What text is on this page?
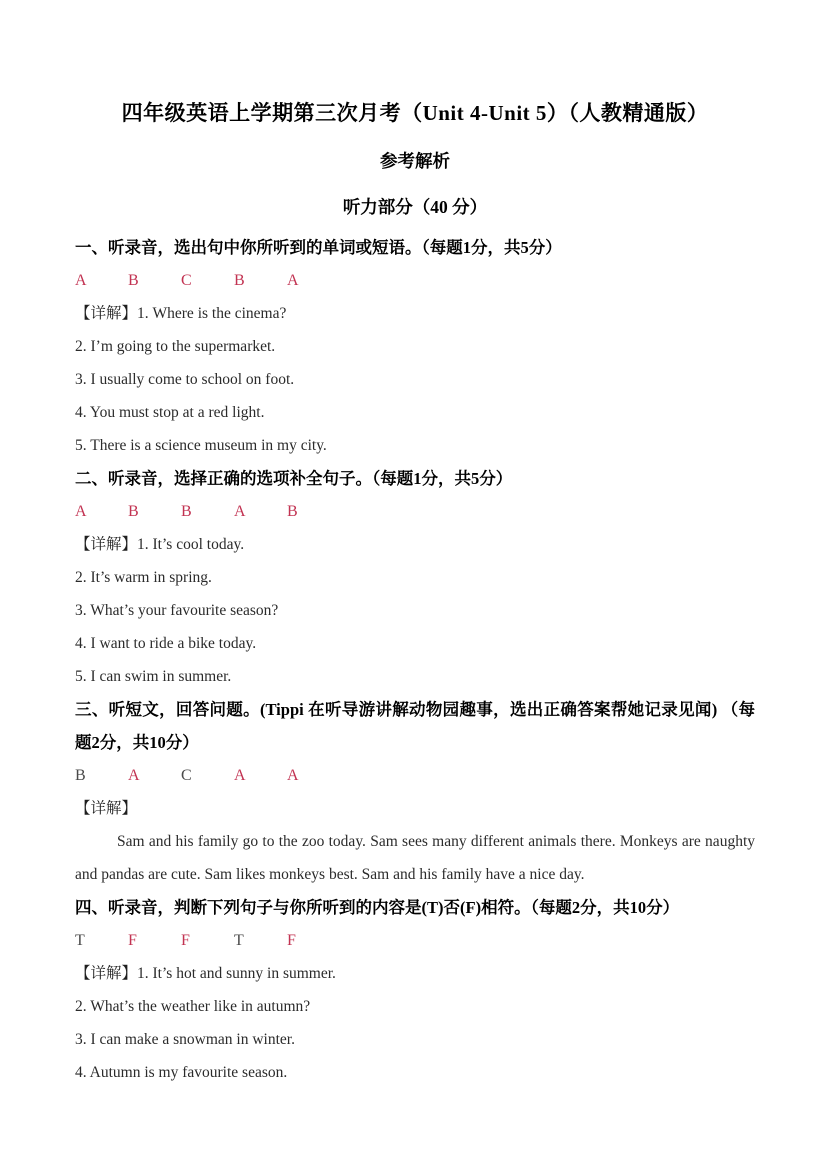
四年级英语上学期第三次月考（Unit 4-Unit 5）（人教精通版）
参考解析
听力部分（40 分）
一、听录音，选出句中你所听到的单词或短语。（每题1分，共5分）
A	B	C	B	A

【详解】1. Where is the cinema?

2. I’m going to the supermarket.

3. I usually come to school on foot.

4. You must stop at a red light.

5. There is a science museum in my city.

二、听录音，选择正确的选项补全句子。（每题1分，共5分）
A	B	B	A	B

【详解】1. It’s cool today.

2. It’s warm in spring.

3. What’s your favourite season?

4. I want to ride a bike today.

5. I can swim in summer.

三、听短文，回答问题。(Tippi 在听导游讲解动物园趣事，选出正确答案帮她记录见闻) （每题2分，共10分）
B	A	C	A	A

【详解】

Sam and his family go to the zoo today. Sam sees many different animals there. Monkeys are naughty and pandas are cute. Sam likes monkeys best. Sam and his family have a nice day.

四、听录音，判断下列句子与你所听到的内容是(T)否(F)相符。（每题2分，共10分）
T	F	F	T	F

【详解】1. It’s hot and sunny in summer.

2. What’s the weather like in autumn?

3. I can make a snowman in winter.

4. Autumn is my favourite season.
